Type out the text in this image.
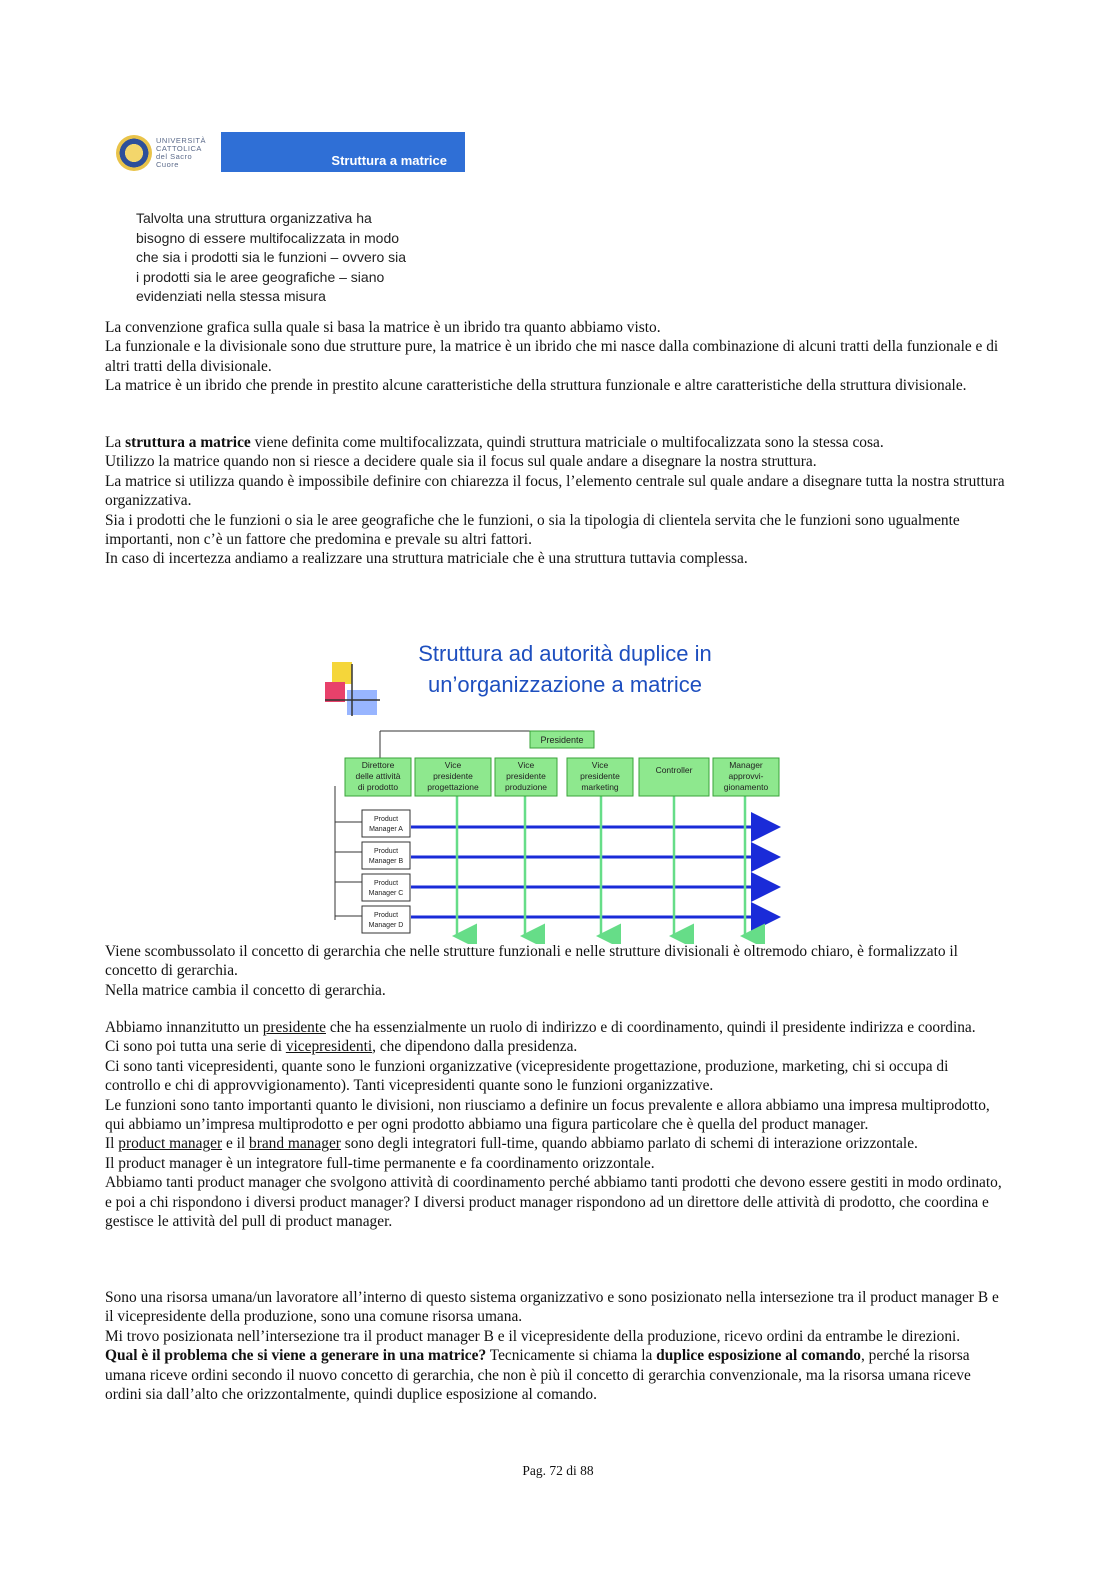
UNIVERSITÀ
CATTOLICA
del Sacro Cuore	Struttura a matrice
Talvolta una struttura organizzativa ha
bisogno di essere multifocalizzata in modo
che sia i prodotti sia le funzioni – ovvero sia
i prodotti sia le aree geografiche – siano
evidenziati nella stessa misura

La convenzione grafica sulla quale si basa la matrice è un ibrido tra quanto abbiamo visto.

La funzionale e la divisionale sono due strutture pure, la matrice è un ibrido che mi nasce dalla combinazione di alcuni tratti della funzionale e di altri tratti della divisionale.

La matrice è un ibrido che prende in prestito alcune caratteristiche della struttura funzionale e altre caratteristiche della struttura divisionale.

La struttura a matrice viene definita come multifocalizzata, quindi struttura matriciale o multifocalizzata sono la stessa cosa.

Utilizzo la matrice quando non si riesce a decidere quale sia il focus sul quale andare a disegnare la nostra struttura.

La matrice si utilizza quando è impossibile definire con chiarezza il focus, l’elemento centrale sul quale andare a disegnare tutta la nostra struttura organizzativa.

Sia i prodotti che le funzioni o sia le aree geografiche che le funzioni, o sia la tipologia di clientela servita che le funzioni sono ugualmente importanti, non c’è un fattore che predomina e prevale su altri fattori.

In caso di incertezza andiamo a realizzare una struttura matriciale che è una struttura tuttavia complessa.

Presidente
Direttore delle attività di prodotto
Vice presidente progettazione
Vice presidente produzione
Vice presidente marketing
Controller	Manager approvvi-gionamento
Product Manager A
Product Manager B
Product Manager C
Product Manager D
Struttura ad autorità duplice in
un’organizzazione a matrice

Viene scombussolato il concetto di gerarchia che nelle strutture funzionali e nelle strutture divisionali è oltremodo chiaro, è formalizzato il concetto di gerarchia.

Nella matrice cambia il concetto di gerarchia.

Abbiamo innanzitutto un presidente che ha essenzialmente un ruolo di indirizzo e di coordinamento, quindi il presidente indirizza e coordina.

Ci sono poi tutta una serie di vicepresidenti, che dipendono dalla presidenza.

Ci sono tanti vicepresidenti, quante sono le funzioni organizzative (vicepresidente progettazione, produzione, marketing, chi si occupa di controllo e chi di approvvigionamento). Tanti vicepresidenti quante sono le funzioni organizzative.

Le funzioni sono tanto importanti quanto le divisioni, non riusciamo a definire un focus prevalente e allora abbiamo una impresa multiprodotto, qui abbiamo un’impresa multiprodotto e per ogni prodotto abbiamo una figura particolare che è quella del product manager.

Il product manager e il brand manager sono degli integratori full-time, quando abbiamo parlato di schemi di interazione orizzontale.

Il product manager è un integratore full-time permanente e fa coordinamento orizzontale.

Abbiamo tanti product manager che svolgono attività di coordinamento perché abbiamo tanti prodotti che devono essere gestiti in modo ordinato, e poi a chi rispondono i diversi product manager? I diversi product manager rispondono ad un direttore delle attività di prodotto, che coordina e gestisce le attività del pull di product manager.

Sono una risorsa umana/un lavoratore all’interno di questo sistema organizzativo e sono posizionato nella intersezione tra il product manager B e il vicepresidente della produzione, sono una comune risorsa umana.

Mi trovo posizionata nell’intersezione tra il product manager B e il vicepresidente della produzione, ricevo ordini da entrambe le direzioni.

Qual è il problema che si viene a generare in una matrice? Tecnicamente si chiama la duplice esposizione al comando, perché la risorsa umana riceve ordini secondo il nuovo concetto di gerarchia, che non è più il concetto di gerarchia convenzionale, ma la risorsa umana riceve ordini sia dall’alto che orizzontalmente, quindi duplice esposizione al comando.

Pag. 72 di 88
